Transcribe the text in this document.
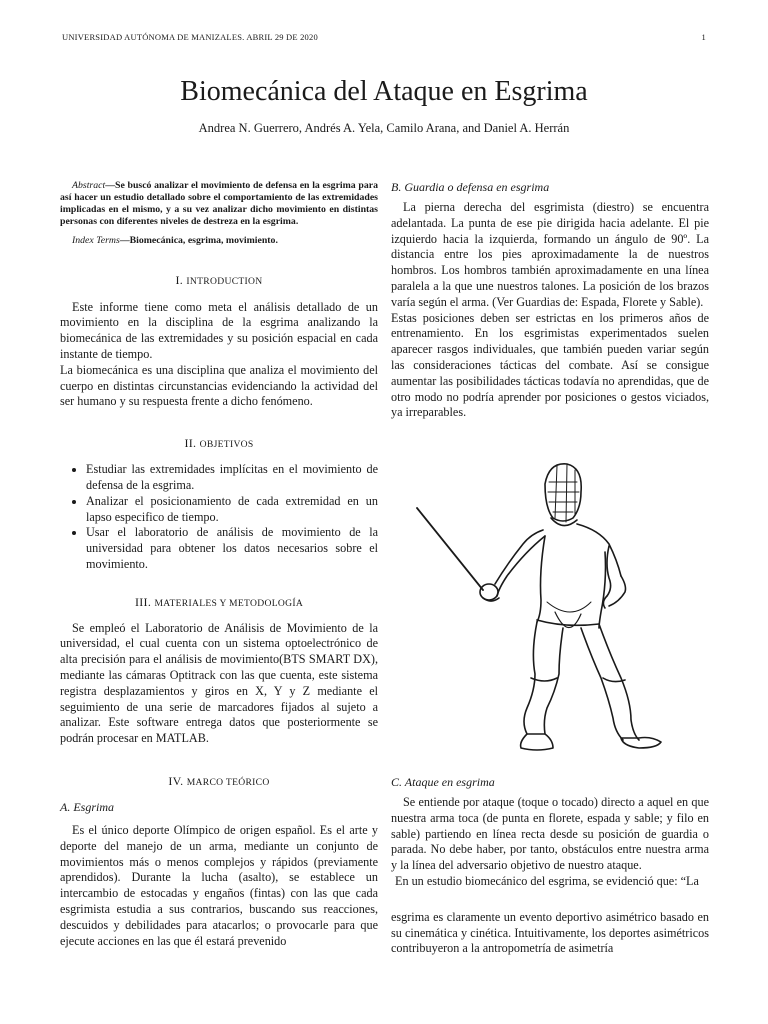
UNIVERSIDAD AUTÓNOMA DE MANIZALES. ABRIL 29 DE 2020	1
Biomecánica del Ataque en Esgrima
Andrea N. Guerrero, Andrés A. Yela, Camilo Arana, and Daniel A. Herrán

Abstract—Se buscó analizar el movimiento de defensa en la esgrima para así hacer un estudio detallado sobre el comportamiento de las extremidades implicadas en el mismo, y a su vez analizar dicho movimiento en distintas personas con diferentes niveles de destreza en la esgrima.

Index Terms—Biomecánica, esgrima, movimiento.

I. INTRODUCTION

Este informe tiene como meta el análisis detallado de un movimiento en la disciplina de la esgrima analizando la biomecánica de las extremidades y su posición espacial en cada instante de tiempo.

La biomecánica es una disciplina que analiza el movimiento del cuerpo en distintas circunstancias evidenciando la actividad del ser humano y su respuesta frente a dicho fenómeno.

II. OBJETIVOS
• Estudiar las extremidades implícitas en el movimiento de defensa de la esgrima.
• Analizar el posicionamiento de cada extremidad en un lapso especifico de tiempo.
• Usar el laboratorio de análisis de movimiento de la universidad para obtener los datos necesarios sobre el movimiento.
III. MATERIALES Y METODOLOGÍA

Se empleó el Laboratorio de Análisis de Movimiento de la universidad, el cual cuenta con un sistema optoelectrónico de alta precisión para el análisis de movimiento(BTS SMART DX), mediante las cámaras Optitrack con las que cuenta, este sistema registra desplazamientos y giros en X, Y y Z mediante el seguimiento de una serie de marcadores fijados al sujeto a analizar. Este software entrega datos que posteriormente se podrán procesar en MATLAB.

IV. MARCO TEÓRICO
A. Esgrima

Es el único deporte Olímpico de origen español. Es el arte y deporte del manejo de un arma, mediante un conjunto de movimientos más o menos complejos y rápidos (previamente aprendidos). Durante la lucha (asalto), se establece un intercambio de estocadas y engaños (fintas) con las que cada esgrimista estudia a sus contrarios, buscando sus reacciones, descuidos y debilidades para atacarlos; o provocarle para que ejecute acciones en las que él estará prevenido

B. Guardia o defensa en esgrima

La pierna derecha del esgrimista (diestro) se encuentra adelantada. La punta de ese pie dirigida hacia adelante. El pie izquierdo hacia la izquierda, formando un ángulo de 90º. La distancia entre los pies aproximadamente la de nuestros hombros. Los hombros también aproximadamente en una línea paralela a la que une nuestros talones. La posición de los brazos varía según el arma. (Ver Guardias de: Espada, Florete y Sable).

Estas posiciones deben ser estrictas en los primeros años de entrenamiento. En los esgrimistas experimentados suelen aparecer rasgos individuales, que también pueden variar según las consideraciones tácticas del combate. Así se consigue aumentar las posibilidades tácticas todavía no aprendidas, que de otro modo no podría aprender por posiciones o gestos viciados, ya irreparables.

C. Ataque en esgrima

Se entiende por ataque (toque o tocado) directo a aquel en que nuestra arma toca (de punta en florete, espada y sable; y filo en sable) partiendo en línea recta desde su posición de guardia o parada. No debe haber, por tanto, obstáculos entre nuestra arma y la línea del adversario objetivo de nuestro ataque.

En un estudio biomecánico del esgrima, se evidenció que: “La

esgrima es claramente un evento deportivo asimétrico basado en su cinemática y cinética. Intuitivamente, los deportes asimétricos contribuyeron a la antropometría de asimetría
